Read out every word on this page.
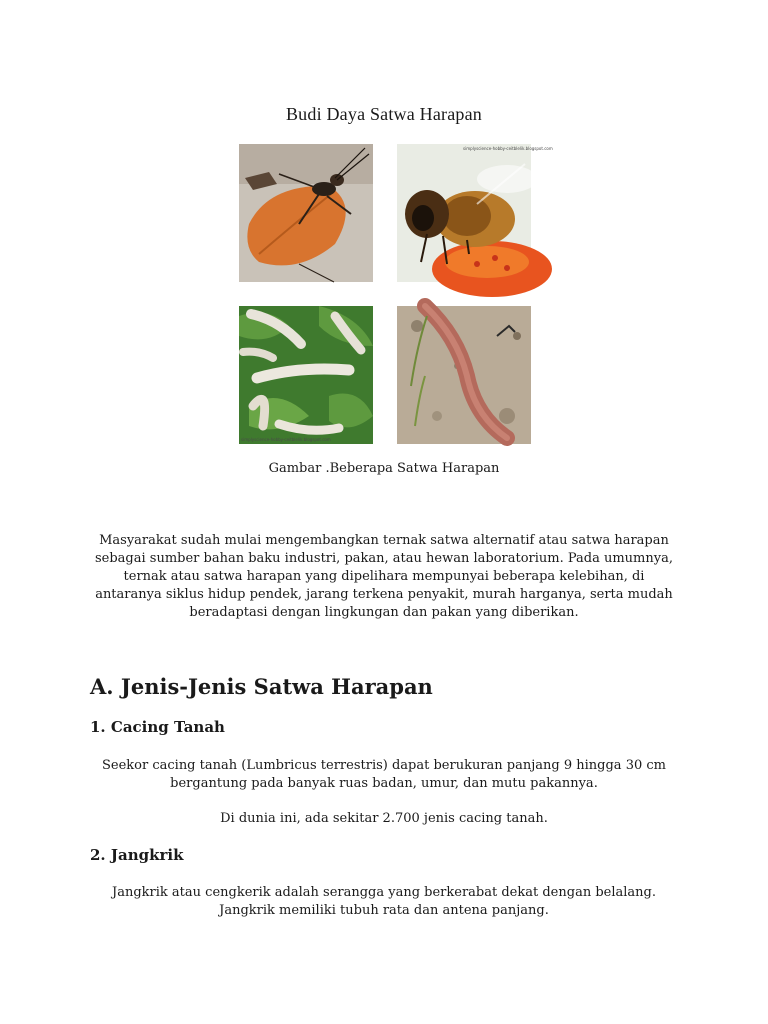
Budi Daya Satwa Harapan
simplyscience-hobby-ceitblelik.blogspot.com
simplyscience-hobby-ceitblelik.blogspot.com
Gambar .Beberapa Satwa Harapan
Masyarakat sudah mulai mengembangkan ternak satwa alternatif atau satwa harapan
sebagai sumber bahan baku industri, pakan, atau hewan laboratorium. Pada umumnya,
ternak atau satwa harapan yang dipelihara mempunyai beberapa kelebihan, di
antaranya siklus hidup pendek, jarang terkena penyakit, murah harganya, serta mudah
beradaptasi dengan lingkungan dan pakan yang diberikan.
A. Jenis-Jenis Satwa Harapan
1. Cacing Tanah
Seekor cacing tanah (Lumbricus terrestris) dapat berukuran panjang 9 hingga 30 cm
bergantung pada banyak ruas badan, umur, dan mutu pakannya.
Di dunia ini, ada sekitar 2.700 jenis cacing tanah.
2. Jangkrik
Jangkrik atau cengkerik adalah serangga yang berkerabat dekat dengan belalang.
Jangkrik memiliki tubuh rata dan antena panjang.
